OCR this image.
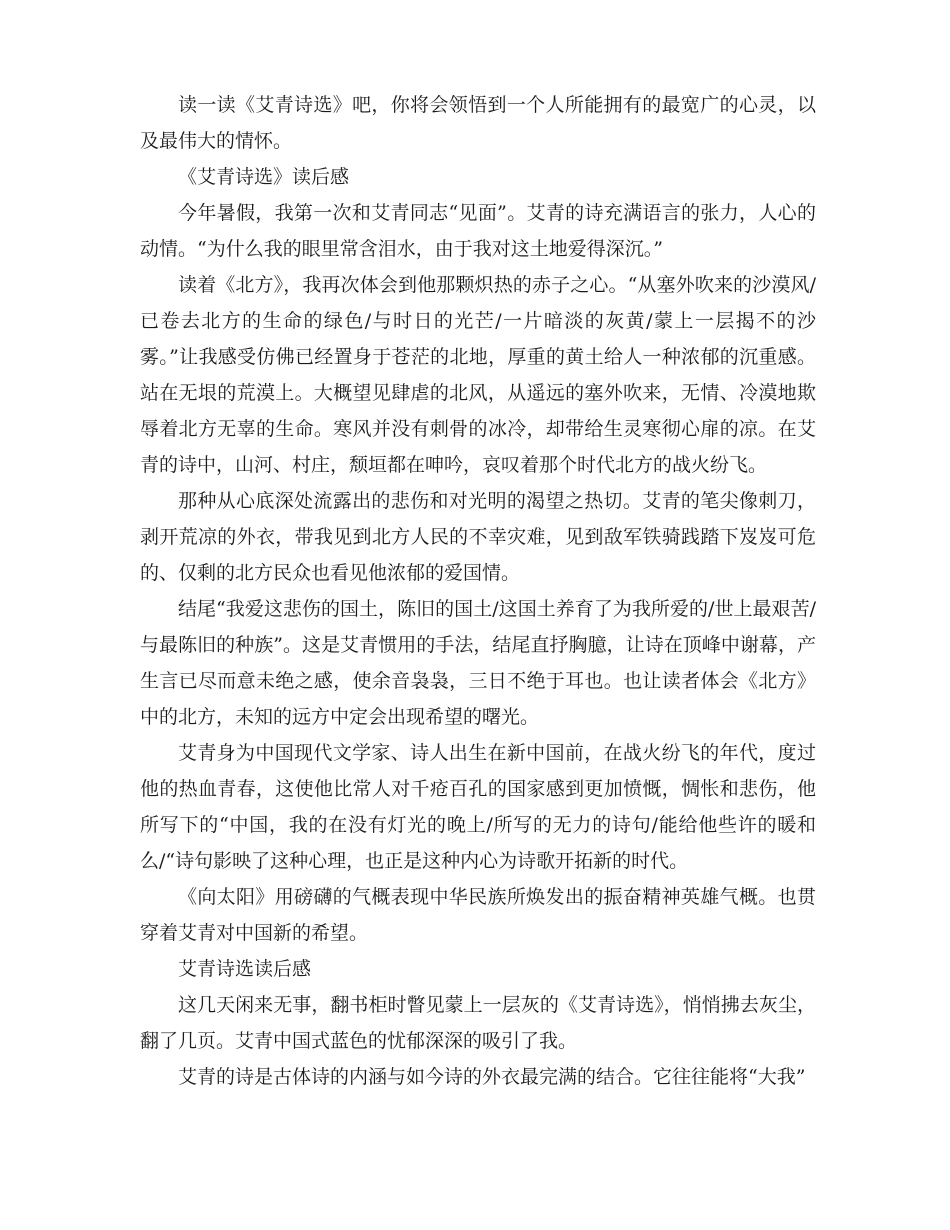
读一读《艾青诗选》吧，你将会领悟到一个人所能拥有的最宽广的心灵，以及最伟大的情怀。

《艾青诗选》读后感

今年暑假，我第一次和艾青同志“见面”。艾青的诗充满语言的张力，人心的动情。“为什么我的眼里常含泪水，由于我对这土地爱得深沉。”

读着《北方》，我再次体会到他那颗炽热的赤子之心。“从塞外吹来的沙漠风/已卷去北方的生命的绿色/与时日的光芒/一片暗淡的灰黄/蒙上一层揭不的沙雾。”让我感受仿佛已经置身于苍茫的北地，厚重的黄土给人一种浓郁的沉重感。站在无垠的荒漠上。大概望见肆虐的北风，从遥远的塞外吹来，无情、冷漠地欺辱着北方无辜的生命。寒风并没有刺骨的冰冷，却带给生灵寒彻心扉的凉。在艾青的诗中，山河、村庄，颓垣都在呻吟，哀叹着那个时代北方的战火纷飞。

那种从心底深处流露出的悲伤和对光明的渴望之热切。艾青的笔尖像刺刀，剥开荒凉的外衣，带我见到北方人民的不幸灾难，见到敌军铁骑践踏下岌岌可危的、仅剩的北方民众也看见他浓郁的爱国情。

结尾“我爱这悲伤的国土，陈旧的国土/这国土养育了为我所爱的/世上最艰苦/与最陈旧的种族”。这是艾青惯用的手法，结尾直抒胸臆，让诗在顶峰中谢幕，产生言已尽而意未绝之感，使余音袅袅，三日不绝于耳也。也让读者体会《北方》中的北方，未知的远方中定会出现希望的曙光。

艾青身为中国现代文学家、诗人出生在新中国前，在战火纷飞的年代，度过他的热血青春，这使他比常人对千疮百孔的国家感到更加愤慨，惆怅和悲伤，他所写下的“中国，我的在没有灯光的晚上/所写的无力的诗句/能给他些许的暖和么/“诗句影映了这种心理，也正是这种内心为诗歌开拓新的时代。

《向太阳》用磅礴的气概表现中华民族所焕发出的振奋精神英雄气概。也贯穿着艾青对中国新的希望。

艾青诗选读后感

这几天闲来无事，翻书柜时瞥见蒙上一层灰的《艾青诗选》，悄悄拂去灰尘，翻了几页。艾青中国式蓝色的忧郁深深的吸引了我。

艾青的诗是古体诗的内涵与如今诗的外衣最完满的结合。它往往能将“大我”
